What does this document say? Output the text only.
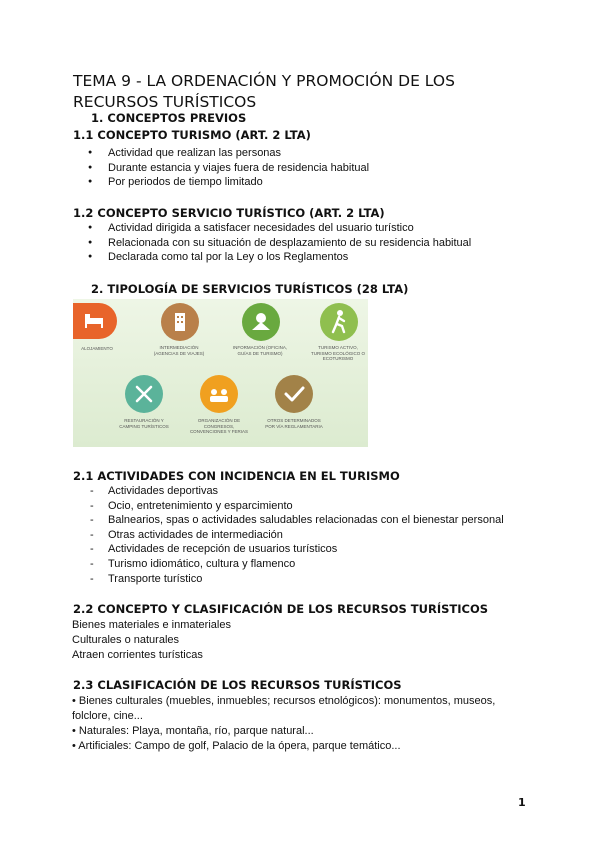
TEMA 9 - LA ORDENACIÓN Y PROMOCIÓN DE LOS RECURSOS TURÍSTICOS
1. CONCEPTOS PREVIOS
1.1 CONCEPTO TURISMO (ART. 2 LTA)
● Actividad que realizan las personas
● Durante estancia y viajes fuera de residencia habitual
● Por periodos de tiempo limitado
1.2 CONCEPTO SERVICIO TURÍSTICO (ART. 2 LTA)
● Actividad dirigida a satisfacer necesidades del usuario turístico
● Relacionada con su situación de desplazamiento de su residencia habitual
● Declarada como tal por la Ley o los Reglamentos
2. TIPOLOGÍA DE SERVICIOS TURÍSTICOS (28 LTA)
ALOJAMIENTO	INTERMEDIACIÓN (AGENCIAS DE VIAJES)
INFORMACIÓN (OFICINA, GUÍAS DE TURISMO)
TURISMO ACTIVO, TURISMO ECOLÓGICO O ECOTURISMO
RESTAURACIÓN Y CAMPING TURÍSTICOS
ORGANIZACIÓN DE CONGRESOS, CONVENCIONES Y FERIAS
OTROS DETERMINADOS POR VÍA REGLAMENTARIA
2.1 ACTIVIDADES CON INCIDENCIA EN EL TURISMO
- Actividades deportivas
- Ocio, entretenimiento y esparcimiento
- Balnearios, spas o actividades saludables relacionadas con el bienestar personal
- Otras actividades de intermediación
- Actividades de recepción de usuarios turísticos
- Turismo idiomático, cultura y flamenco
- Transporte turístico
2.2 CONCEPTO Y CLASIFICACIÓN DE LOS RECURSOS TURÍSTICOS
Bienes materiales e inmateriales
Culturales o naturales
Atraen corrientes turísticas
2.3 CLASIFICACIÓN DE LOS RECURSOS TURÍSTICOS
• Bienes culturales (muebles, inmuebles; recursos etnológicos): monumentos, museos,
folclore, cine...
• Naturales: Playa, montaña, río, parque natural...
• Artificiales: Campo de golf, Palacio de la ópera, parque temático...
1
